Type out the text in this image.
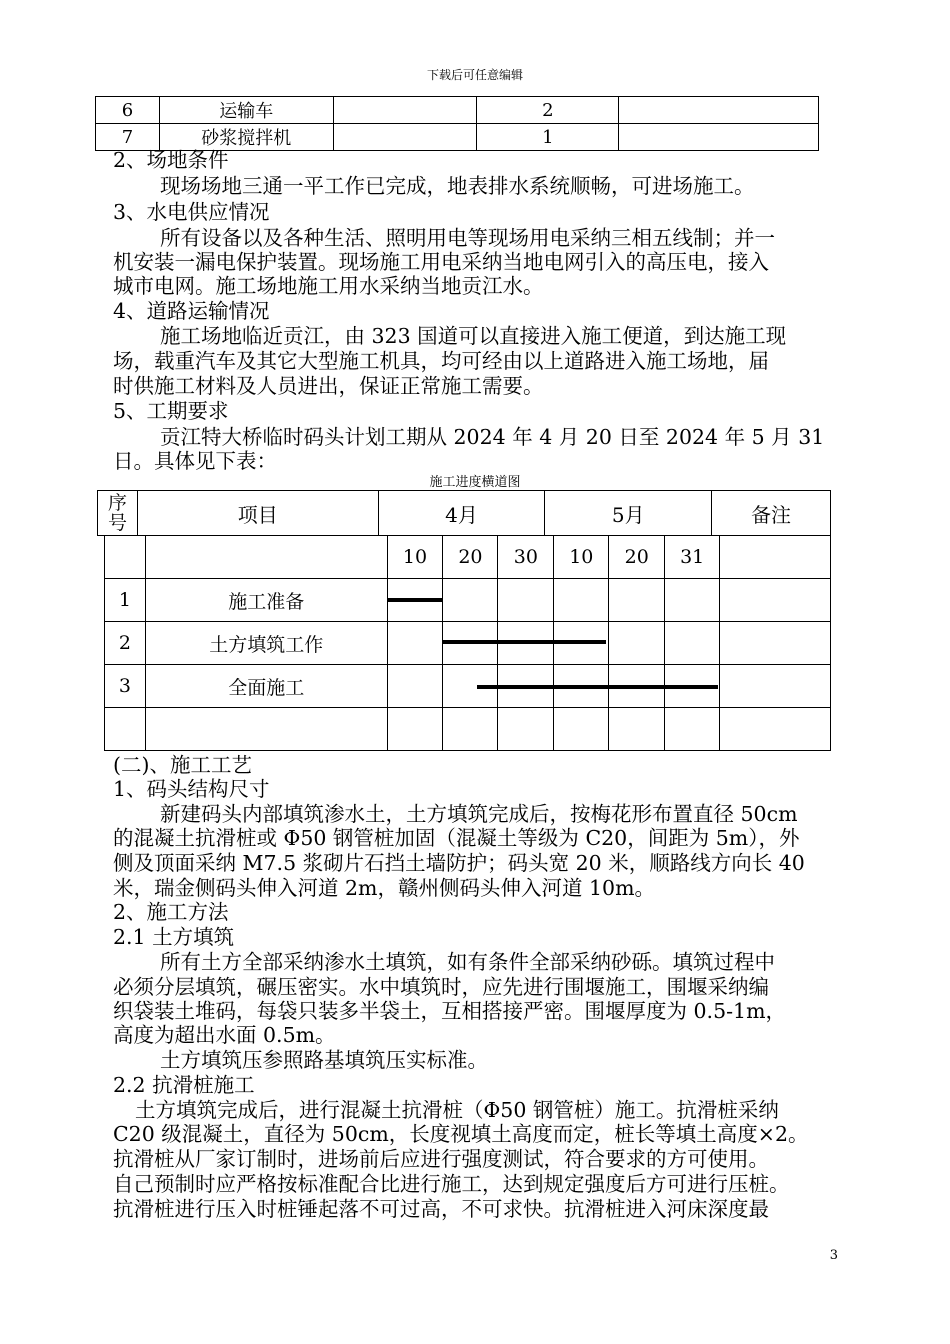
下载后可任意编辑
6	运输车		2	
7	砂浆搅拌机		1	
2、场地条件
现场场地三通一平工作已完成，地表排水系统顺畅，可进场施工。
3、水电供应情况
所有设备以及各种生活、照明用电等现场用电采纳三相五线制；并一
机安装一漏电保护装置。现场施工用电采纳当地电网引入的高压电，接入
城市电网。施工场地施工用水采纳当地贡江水。
4、道路运输情况
施工场地临近贡江，由 323 国道可以直接进入施工便道，到达施工现
场，载重汽车及其它大型施工机具，均可经由以上道路进入施工场地，届
时供施工材料及人员进出，保证正常施工需要。
5、工期要求
贡江特大桥临时码头计划工期从 2024 年 4 月 20 日至 2024 年 5 月 31
日。具体见下表：
施工进度横道图
序号	项目	4月	5月	备注
		10	20	30	10	20	31	
1	施工准备							
2	土方填筑工作							
3	全面施工							

(二)、施工工艺
1、码头结构尺寸
新建码头内部填筑渗水土，土方填筑完成后，按梅花形布置直径 50cm
的混凝土抗滑桩或 Φ50 钢管桩加固（混凝土等级为 C20，间距为 5m），外
侧及顶面采纳 M7.5 浆砌片石挡土墙防护；码头宽 20 米，顺路线方向长 40
米，瑞金侧码头伸入河道 2m，赣州侧码头伸入河道 10m。
2、施工方法
2.1 土方填筑
所有土方全部采纳渗水土填筑，如有条件全部采纳砂砾。填筑过程中
必须分层填筑，碾压密实。水中填筑时，应先进行围堰施工，围堰采纳编
织袋装土堆码，每袋只装多半袋土，互相搭接严密。围堰厚度为 0.5-1m，
高度为超出水面 0.5m。
土方填筑压参照路基填筑压实标准。
2.2 抗滑桩施工
土方填筑完成后，进行混凝土抗滑桩（Φ50 钢管桩）施工。抗滑桩采纳
C20 级混凝土，直径为 50cm，长度视填土高度而定，桩长等填土高度×2。
抗滑桩从厂家订制时，进场前后应进行强度测试，符合要求的方可使用。
自己预制时应严格按标准配合比进行施工，达到规定强度后方可进行压桩。
抗滑桩进行压入时桩锤起落不可过高，不可求快。抗滑桩进入河床深度最
3
